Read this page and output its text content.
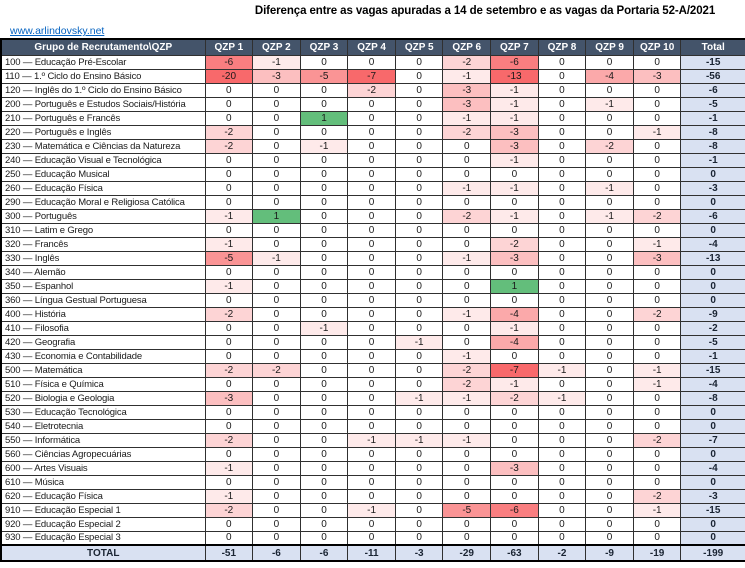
Diferença entre as vagas apuradas a 14 de setembro e as vagas da Portaria 52-A/2021
www.arlindovsky.net
Grupo de Recrutamento\QZP	QZP 1	QZP 2	QZP 3	QZP 4	QZP 5	QZP 6	QZP 7	QZP 8	QZP 9	QZP 10	Total
100 — Educação Pré-Escolar	-6	-1	0	0	0	-2	-6	0	0	0	-15
110 — 1.º Ciclo do Ensino Básico	-20	-3	-5	-7	0	-1	-13	0	-4	-3	-56
120 — Inglês do 1.º Ciclo do Ensino Básico	0	0	0	-2	0	-3	-1	0	0	0	-6
200 — Português e Estudos Sociais/História	0	0	0	0	0	-3	-1	0	-1	0	-5
210 — Português e Francês	0	0	1	0	0	-1	-1	0	0	0	-1
220 — Português e Inglês	-2	0	0	0	0	-2	-3	0	0	-1	-8
230 — Matemática e Ciências da Natureza	-2	0	-1	0	0	0	-3	0	-2	0	-8
240 — Educação Visual e Tecnológica	0	0	0	0	0	0	-1	0	0	0	-1
250 — Educação Musical	0	0	0	0	0	0	0	0	0	0	0
260 — Educação Física	0	0	0	0	0	-1	-1	0	-1	0	-3
290 — Educação Moral e Religiosa Católica	0	0	0	0	0	0	0	0	0	0	0
300 — Português	-1	1	0	0	0	-2	-1	0	-1	-2	-6
310 — Latim e Grego	0	0	0	0	0	0	0	0	0	0	0
320 — Francês	-1	0	0	0	0	0	-2	0	0	-1	-4
330 — Inglês	-5	-1	0	0	0	-1	-3	0	0	-3	-13
340 — Alemão	0	0	0	0	0	0	0	0	0	0	0
350 — Espanhol	-1	0	0	0	0	0	1	0	0	0	0
360 — Língua Gestual Portuguesa	0	0	0	0	0	0	0	0	0	0	0
400 — História	-2	0	0	0	0	-1	-4	0	0	-2	-9
410 — Filosofia	0	0	-1	0	0	0	-1	0	0	0	-2
420 — Geografia	0	0	0	0	-1	0	-4	0	0	0	-5
430 — Economia e Contabilidade	0	0	0	0	0	-1	0	0	0	0	-1
500 — Matemática	-2	-2	0	0	0	-2	-7	-1	0	-1	-15
510 — Física e Química	0	0	0	0	0	-2	-1	0	0	-1	-4
520 — Biologia e Geologia	-3	0	0	0	-1	-1	-2	-1	0	0	-8
530 — Educação Tecnológica	0	0	0	0	0	0	0	0	0	0	0
540 — Eletrotecnia	0	0	0	0	0	0	0	0	0	0	0
550 — Informática	-2	0	0	-1	-1	-1	0	0	0	-2	-7
560 — Ciências Agropecuárias	0	0	0	0	0	0	0	0	0	0	0
600 — Artes Visuais	-1	0	0	0	0	0	-3	0	0	0	-4
610 — Música	0	0	0	0	0	0	0	0	0	0	0
620 — Educação Física	-1	0	0	0	0	0	0	0	0	-2	-3
910 — Educação Especial 1	-2	0	0	-1	0	-5	-6	0	0	-1	-15
920 — Educação Especial 2	0	0	0	0	0	0	0	0	0	0	0
930 — Educação Especial 3	0	0	0	0	0	0	0	0	0	0	0
TOTAL	-51	-6	-6	-11	-3	-29	-63	-2	-9	-19	-199
